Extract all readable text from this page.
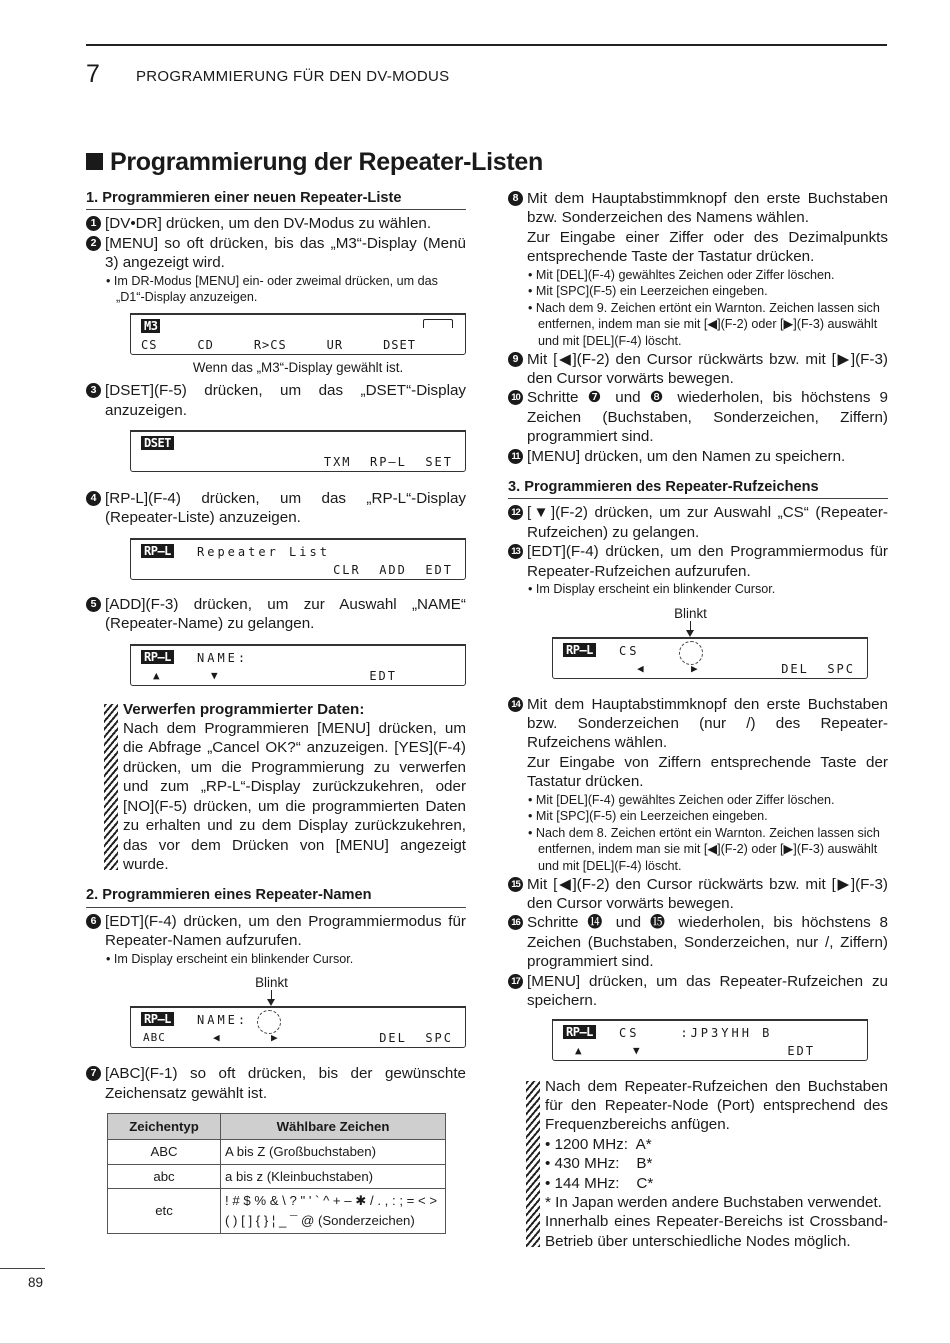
7 PROGRAMMIERUNG FÜR DEN DV-MODUS
Programmierung der Repeater-Listen
1. Programmieren einer neuen Repeater-Liste
1 [DV•DR] drücken, um den DV-Modus zu wählen.
2 [MENU] so oft drücken, bis das „M3“-Display (Menü 3) angezeigt wird.
• Im DR-Modus [MENU] ein- oder zweimal drücken, um das „D1“-Display anzuzeigen.
M3
CS	CD	R>CS	UR	DSET
Wenn das „M3“-Display gewählt ist.
3 [DSET](F-5) drücken, um das „DSET“-Display anzuzeigen.
DSET
TXM  RP–L  SET
4 [RP-L](F-4) drücken, um das „RP-L“-Display (Repeater-Liste) anzuzeigen.
RP–L Repeater List
CLR  ADD  EDT
5 [ADD](F-3) drücken, um zur Auswahl „NAME“ (Repeater-Name) zu gelangen.
RP–L NAME:
▲	▼	EDT
Verwerfen programmierter Daten:
Nach dem Programmieren [MENU] drücken, um die Abfrage „Cancel OK?“ anzuzeigen. [YES](F-4) drücken, um die Programmierung zu verwerfen und zum „RP-L“-Display zurückzukehren, oder [NO](F-5) drücken, um die programmierten Daten zu erhalten und zu dem Display zurückzukehren, das vor dem Drücken von [MENU] angezeigt wurde.
2. Programmieren eines Repeater-Namen
6 [EDT](F-4) drücken, um den Programmiermodus für Repeater-Namen aufzurufen.
• Im Display erscheint ein blinkender Cursor.
Blinkt
RP–L NAME:
ABC	◀	▶	DEL  SPC
7 [ABC](F-1) so oft drücken, bis der gewünschte Zeichensatz gewählt ist.
Zeichentyp	Wählbare Zeichen
ABC	A bis Z (Großbuchstaben)
abc	a bis z (Kleinbuchstaben)
etc	! # $ % & \ ? " ' ` ^ + – ✱ / . , : ; = < > ( ) [ ] { } ¦ _ ¯ @ (Sonderzeichen)
8 Mit dem Hauptabstimmknopf den erste Buchstaben bzw. Sonderzeichen des Namens wählen.
Zur Eingabe einer Ziffer oder des Dezimalpunkts entsprechende Taste der Tastatur drücken.
• Mit [DEL](F-4) gewähltes Zeichen oder Ziffer löschen.
• Mit [SPC](F-5) ein Leerzeichen eingeben.
• Nach dem 9. Zeichen ertönt ein Warnton. Zeichen lassen sich entfernen, indem man sie mit [◀](F-2) oder [▶](F-3) auswählt und mit [DEL](F-4) löscht.
9 Mit [◀](F-2) den Cursor rückwärts bzw. mit [▶](F-3) den Cursor vorwärts bewegen.
10 Schritte ❼ und ❽ wiederholen, bis höchstens 9 Zeichen (Buchstaben, Sonderzeichen, Ziffern) programmiert sind.
11 [MENU] drücken, um den Namen zu speichern.
3. Programmieren des Repeater-Rufzeichens
12 [▼](F-2) drücken, um zur Auswahl „CS“ (Repeater-Rufzeichen) zu gelangen.
13 [EDT](F-4) drücken, um den Programmiermodus für Repeater-Rufzeichen aufzurufen.
• Im Display erscheint ein blinkender Cursor.
Blinkt
RP–L CS
◀	▶	DEL  SPC
14 Mit dem Hauptabstimmknopf den erste Buchstaben bzw. Sonderzeichen (nur /) des Repeater-Rufzeichens wählen.
Zur Eingabe von Ziffern entsprechende Taste der Tastatur drücken.
• Mit [DEL](F-4) gewähltes Zeichen oder Ziffer löschen.
• Mit [SPC](F-5) ein Leerzeichen eingeben.
• Nach dem 8. Zeichen ertönt ein Warnton. Zeichen lassen sich entfernen, indem man sie mit [◀](F-2) oder [▶](F-3) auswählt und mit [DEL](F-4) löscht.
15 Mit [◀](F-2) den Cursor rückwärts bzw. mit [▶](F-3) den Cursor vorwärts bewegen.
16 Schritte ⓮ und ⓯ wiederholen, bis höchstens 8 Zeichen (Buchstaben, Sonderzeichen, nur /, Ziffern) programmiert sind.
17 [MENU] drücken, um das Repeater-Rufzeichen zu speichern.
RP–L CS    :JP3YHH B
▲	▼	EDT
Nach dem Repeater-Rufzeichen den Buchstaben für den Repeater-Node (Port) entsprechend des Frequenzbereichs anfügen.
• 1200 MHz:  A*
• 430 MHz:    B*
• 144 MHz:    C*
* In Japan werden andere Buchstaben verwendet.
Innerhalb eines Repeater-Bereichs ist Crossband-Betrieb über unterschiedliche Nodes möglich.
89
